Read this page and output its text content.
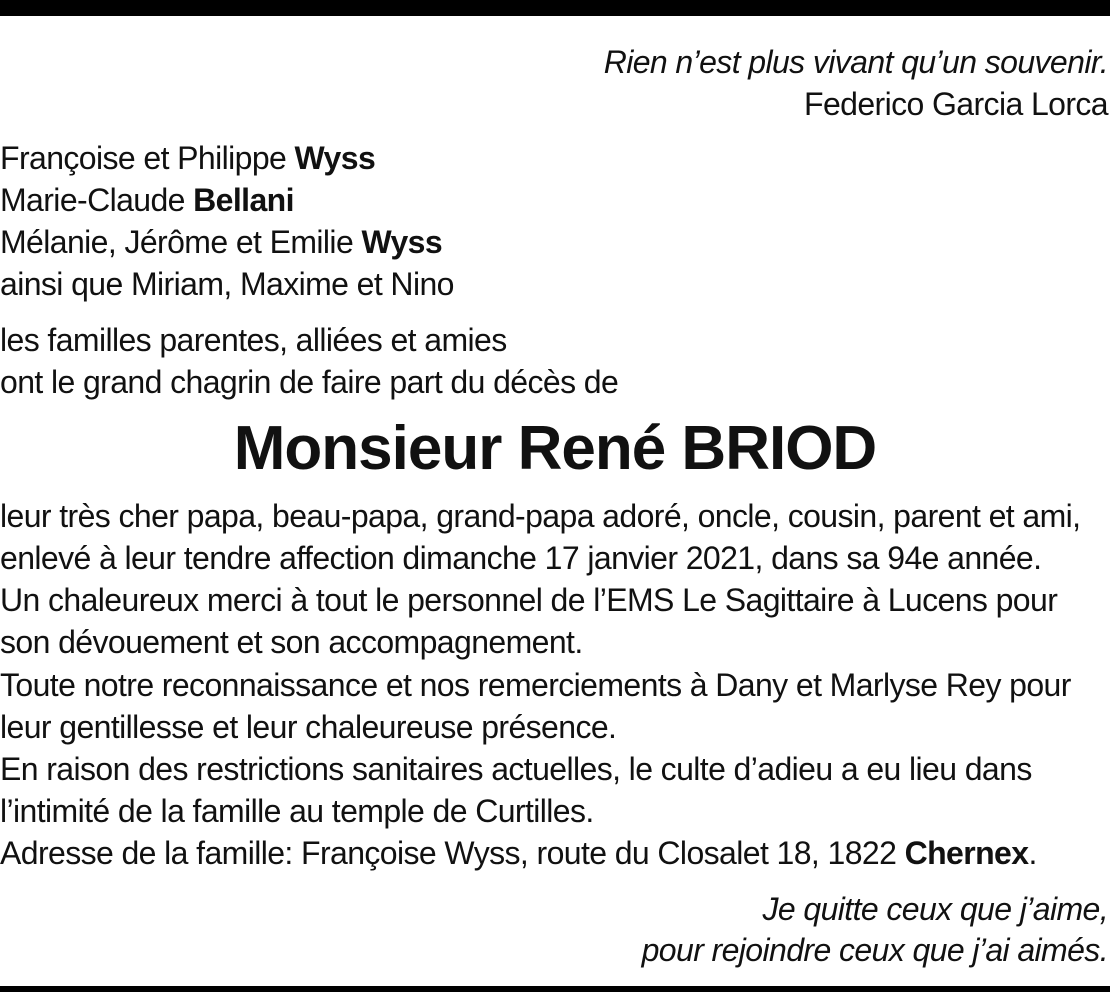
Rien n’est plus vivant qu’un souvenir.
Federico Garcia Lorca
Françoise et Philippe Wyss
Marie-Claude Bellani
Mélanie, Jérôme et Emilie Wyss
ainsi que Miriam, Maxime et Nino
les familles parentes, alliées et amies
ont le grand chagrin de faire part du décès de
Monsieur René BRIOD
leur très cher papa, beau-papa, grand-papa adoré, oncle, cousin, parent et ami,
enlevé à leur tendre affection dimanche 17 janvier 2021, dans sa 94e année.
Un chaleureux merci à tout le personnel de l’EMS Le Sagittaire à Lucens pour
son dévouement et son accompagnement.
Toute notre reconnaissance et nos remerciements à Dany et Marlyse Rey pour
leur gentillesse et leur chaleureuse présence.
En raison des restrictions sanitaires actuelles, le culte d’adieu a eu lieu dans
l’intimité de la famille au temple de Curtilles.
Adresse de la famille: Françoise Wyss, route du Closalet 18, 1822 Chernex.
Je quitte ceux que j’aime,
pour rejoindre ceux que j’ai aimés.
